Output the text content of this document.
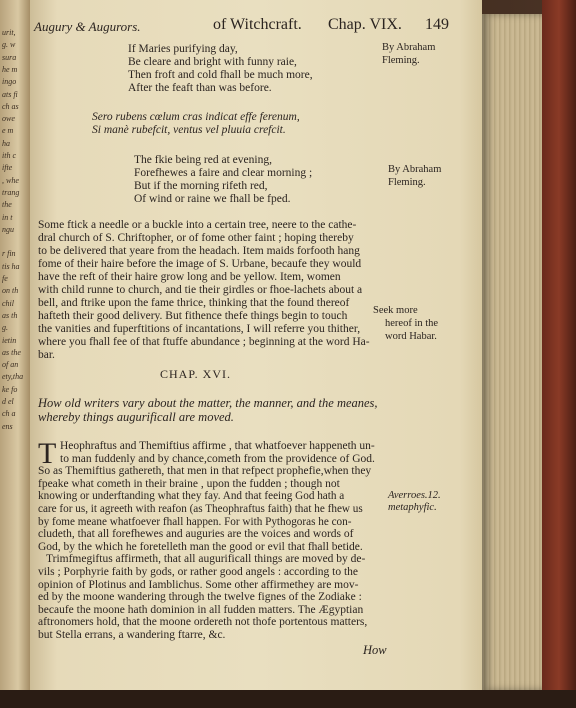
urit,
g. w
sura
he m
ingo
ats fi
ch as
owe
e m
ha
ith c
ifte
, whe
trang
the
in t
ngu
r fin
tis ha
fe
on th
chil
as th
g.
ietin
as the
of an
ety,tha
ke fo
d el
ch a
ens
Augury & Augurors.	of Witchcraft. Chap. VIX. 149
If Maries purifying day,
Be cleare and bright with funny raie,
Then froft and cold fhall be much more,
After the feaft than was before.
By Abraham
Fleming.
Sero rubens cœlum cras indicat effe ferenum,
Si manè rubefcit, ventus vel pluuia crefcit.
The fkie being red at evening,
Forefhewes a faire and clear morning ;
But if the morning rifeth red,
Of wind or raine we fhall be fped.
By Abraham
Fleming.
Some ftick a needle or a buckle into a certain tree, neere to the cathe-
dral church of S. Chriftopher, or of fome other faint ; hoping thereby
to be delivered that yeare from the headach. Item maids forfooth hang
fome of their haire before the image of S. Urbane, becaufe they would
have the reft of their haire grow long and be yellow. Item, women
with child runne to church, and tie their girdles or fhoe-lachets about a
bell, and ftrike upon the fame thrice, thinking that the found thereof
hafteth their good delivery. But fithence thefe things begin to touch
the vanities and fuperftitions of incantations, I will referre you thither,
where you fhall fee of that ftuffe abundance ; beginning at the word Ha-
bar.
Seek more
hereof in the
word Habar.
CHAP. XVI.
How old writers vary about the matter, the manner, and the meanes,
whereby things augurificall are moved.
T Heophraftus and Themiftius affirme , that whatfoever happeneth un-
to man fuddenly and by chance,cometh from the providence of God.
So as Themiftius gathereth, that men in that refpect prophefie,when they
fpeake what cometh in their braine , upon the fudden ; though not
knowing or underftanding what they fay. And that feeing God hath a
care for us, it agreeth with reafon (as Theophraftus faith) that he fhew us
by fome meane whatfoever fhall happen. For with Pythogoras he con-
cludeth, that all forefhewes and auguries are the voices and words of
God, by the which he foretelleth man the good or evil that fhall betide.
Trimfmegiftus affirmeth, that all augurificall things are moved by de-
vils ; Porphyrie faith by gods, or rather good angels : according to the
opinion of Plotinus and Iamblichus. Some other affirmethey are mov-
ed by the moone wandering through the twelve fignes of the Zodiake :
becaufe the moone hath dominion in all fudden matters. The Ægyptian
aftronomers hold, that the moone ordereth not thofe portentous matters,
but Stella errans, a wandering ftarre, &c.
Averroes.12.
metaphyfic.
How
